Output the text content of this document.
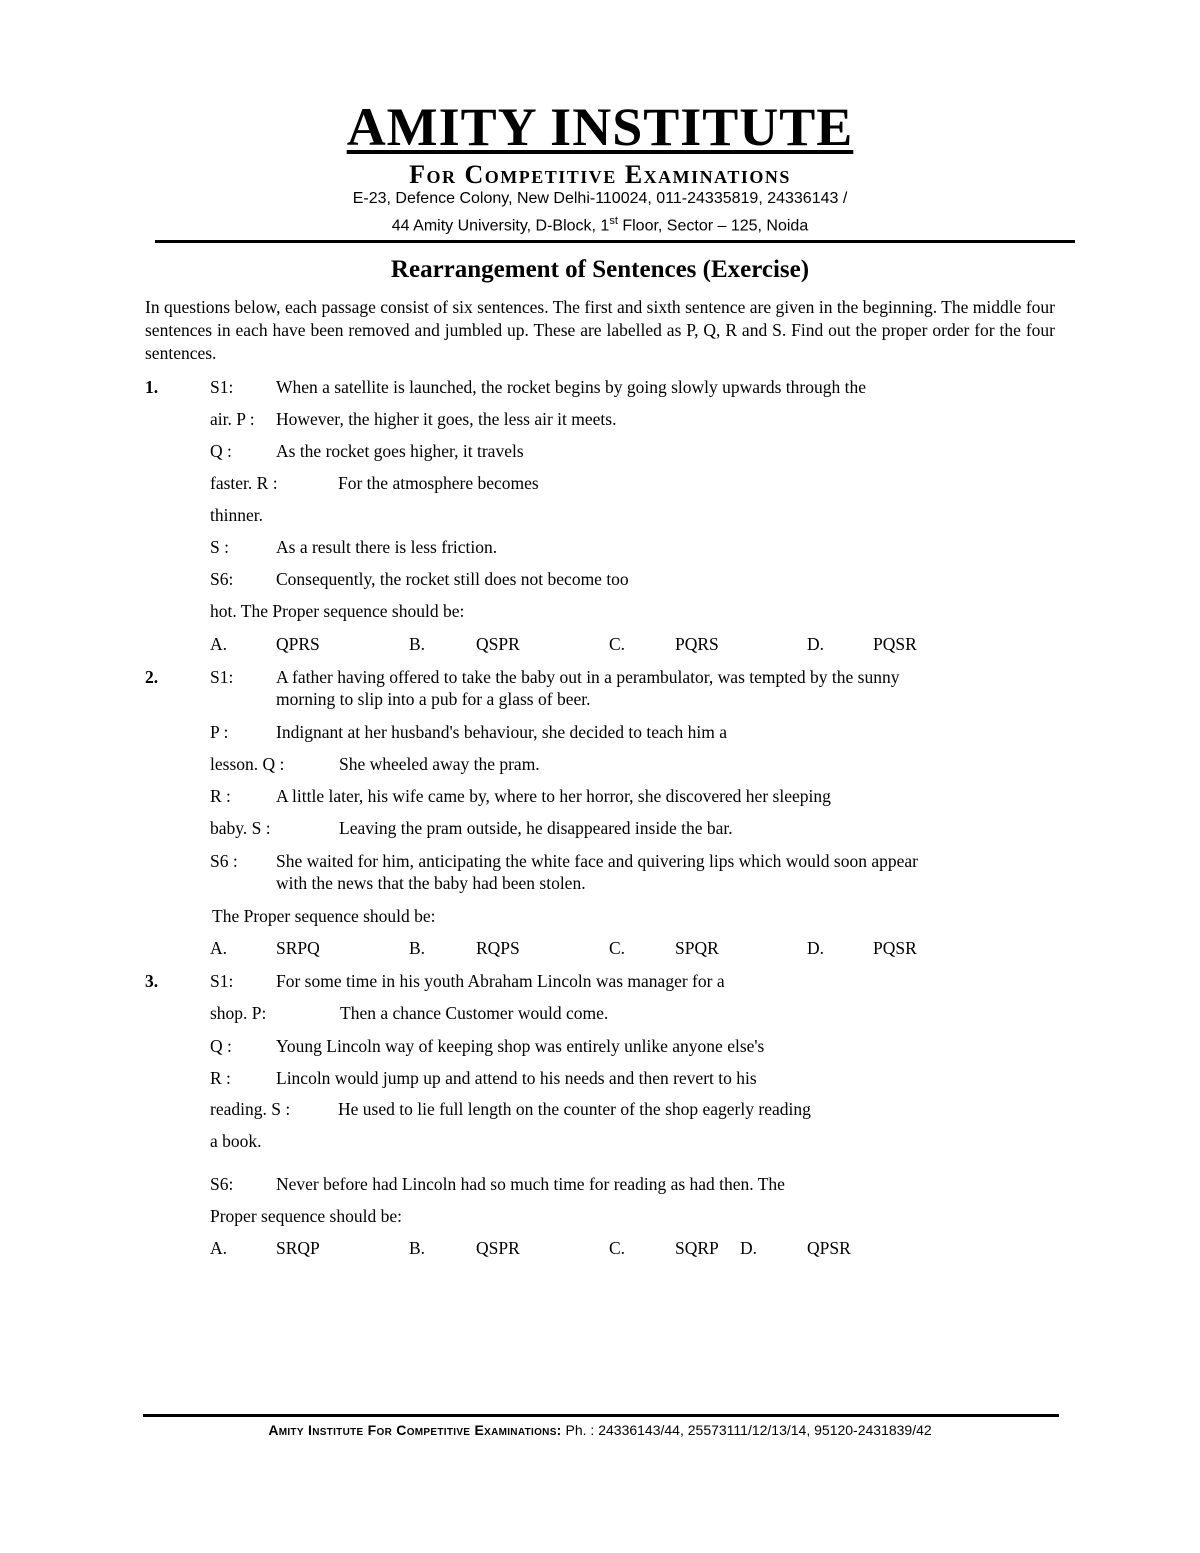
AMITY INSTITUTE
For Competitive Examinations
E-23, Defence Colony, New Delhi-110024, 011-24335819, 24336143 /
44 Amity University, D-Block, 1st Floor, Sector – 125, Noida
Rearrangement of Sentences (Exercise)
In questions below, each passage consist of six sentences. The first and sixth sentence are given in the beginning. The middle four sentences in each have been removed and jumbled up. These are labelled as P, Q, R and S. Find out the proper order for the four sentences.
1.	S1: When a satellite is launched, the rocket begins by going slowly upwards through the
air. P : However, the higher it goes, the less air it meets.
Q :	As the rocket goes higher, it travels
faster. R :	For the atmosphere becomes
thinner.
S :	As a result there is less friction.
S6: Consequently, the rocket still does not become too
hot. The Proper sequence should be:
A.	QPRS	B.	QSPR	C.	PQRS	D.	PQSR
2.	S1: A father having offered to take the baby out in a perambulator, was tempted by the sunny
morning to slip into a pub for a glass of beer.
P :	Indignant at her husband's behaviour, she decided to teach him a
lesson. Q :	She wheeled away the pram.
R :	A little later, his wife came by, where to her horror, she discovered her sleeping
baby. S :	Leaving the pram outside, he disappeared inside the bar.
S6 : She waited for him, anticipating the white face and quivering lips which would soon appear
with the news that the baby had been stolen.
The Proper sequence should be:
A.	SRPQ	B.	RQPS	C.	SPQR	D.	PQSR
3.	S1: For some time in his youth Abraham Lincoln was manager for a
shop. P:	Then a chance Customer would come.
Q :	Young Lincoln way of keeping shop was entirely unlike anyone else's
R :	Lincoln would jump up and attend to his needs and then revert to his
reading. S :	He used to lie full length on the counter of the shop eagerly reading
a book.
S6: Never before had Lincoln had so much time for reading as had then. The
Proper sequence should be:
A.	SRQP	B.	QSPR	C.	SQRP D.	QPSR
Amity Institute For Competitive Examinations: Ph. : 24336143/44, 25573111/12/13/14, 95120-2431839/42
